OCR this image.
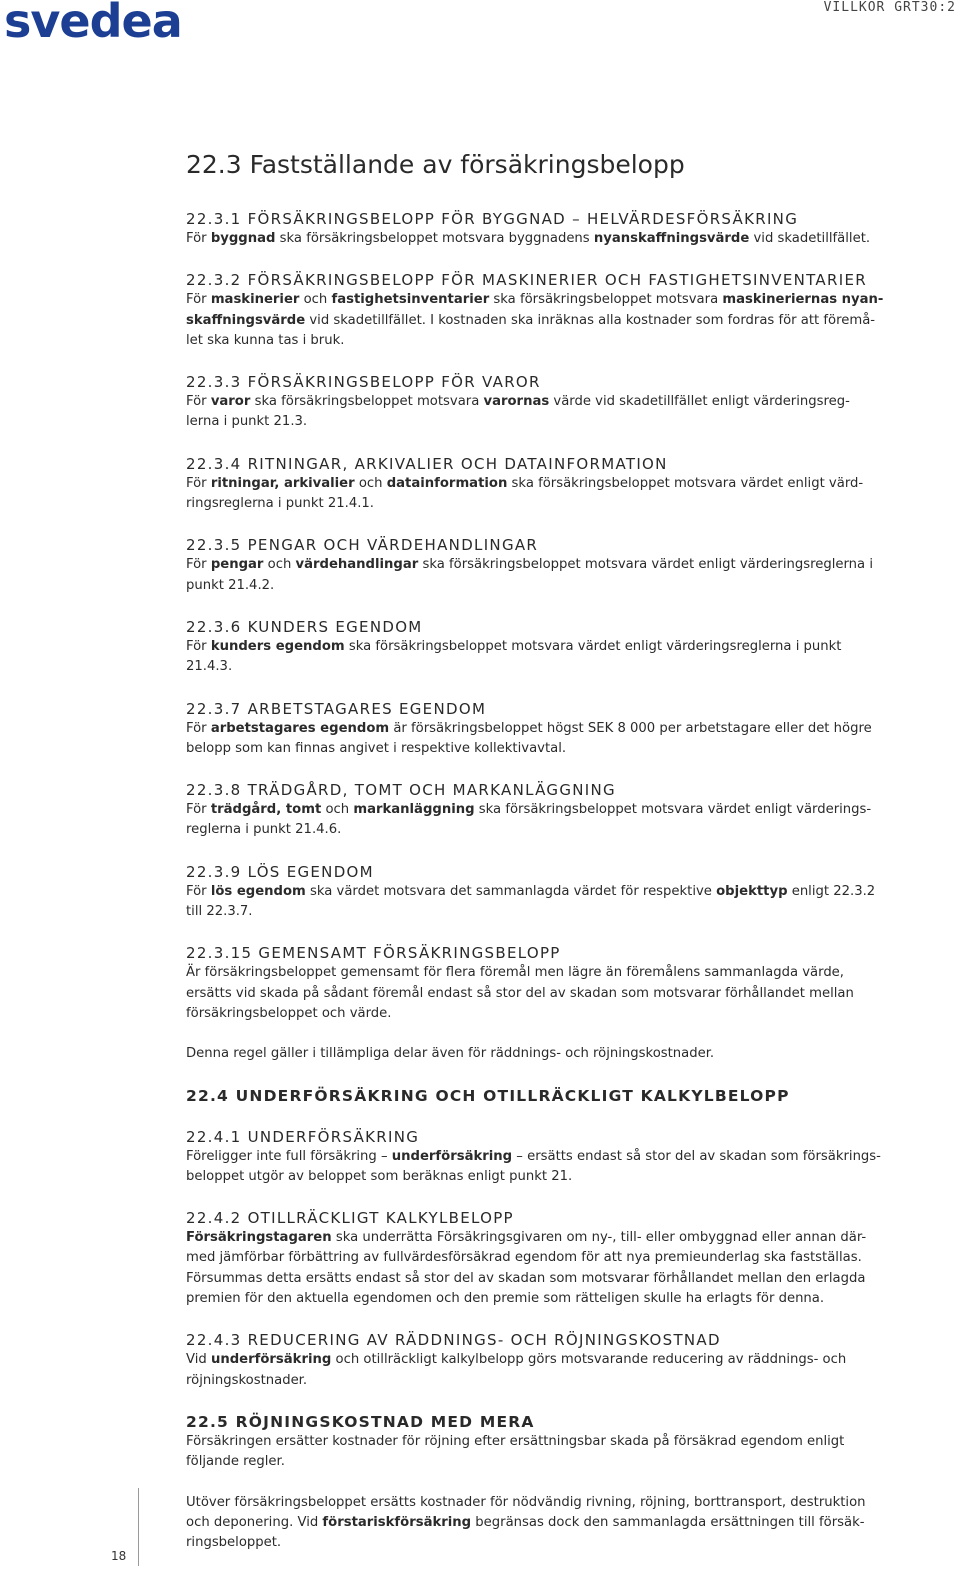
svedea	VILLKOR GRT30:2
22.3 Fastställande av försäkringsbelopp
22.3.1 FÖRSÄKRINGSBELOPP FÖR BYGGNAD – HELVÄRDESFÖRSÄKRING

För byggnad ska försäkringsbeloppet motsvara byggnadens nyanskaffningsvärde vid skadetillfället.

22.3.2 FÖRSÄKRINGSBELOPP FÖR MASKINERIER OCH FASTIGHETSINVENTARIER

För maskinerier och fastighetsinventarier ska försäkringsbeloppet motsvara maskineriernas nyan-
skaffningsvärde vid skadetillfället. I kostnaden ska inräknas alla kostnader som fordras för att föremå-
let ska kunna tas i bruk.

22.3.3 FÖRSÄKRINGSBELOPP FÖR VAROR

För varor ska försäkringsbeloppet motsvara varornas värde vid skadetillfället enligt värderingsreg-
lerna i punkt 21.3.

22.3.4 RITNINGAR, ARKIVALIER OCH DATAINFORMATION

För ritningar, arkivalier och datainformation ska försäkringsbeloppet motsvara värdet enligt värd-
ringsreglerna i punkt 21.4.1.

22.3.5 PENGAR OCH VÄRDEHANDLINGAR

För pengar och värdehandlingar ska försäkringsbeloppet motsvara värdet enligt värderingsreglerna i
punkt 21.4.2.

22.3.6 KUNDERS EGENDOM

För kunders egendom ska försäkringsbeloppet motsvara värdet enligt värderingsreglerna i punkt
21.4.3.

22.3.7 ARBETSTAGARES EGENDOM

För arbetstagares egendom är försäkringsbeloppet högst SEK 8 000 per arbetstagare eller det högre
belopp som kan finnas angivet i respektive kollektivavtal.

22.3.8 TRÄDGÅRD, TOMT OCH MARKANLÄGGNING

För trädgård, tomt och markanläggning ska försäkringsbeloppet motsvara värdet enligt värderings-
reglerna i punkt 21.4.6.

22.3.9 LÖS EGENDOM

För lös egendom ska värdet motsvara det sammanlagda värdet för respektive objekttyp enligt 22.3.2
till 22.3.7.

22.3.15 GEMENSAMT FÖRSÄKRINGSBELOPP

Är försäkringsbeloppet gemensamt för flera föremål men lägre än föremålens sammanlagda värde,
ersätts vid skada på sådant föremål endast så stor del av skadan som motsvarar förhållandet mellan
försäkringsbeloppet och värde.

Denna regel gäller i tillämpliga delar även för räddnings- och röjningskostnader.

22.4 UNDERFÖRSÄKRING OCH OTILLRÄCKLIGT KALKYLBELOPP
22.4.1 UNDERFÖRSÄKRING

Föreligger inte full försäkring – underförsäkring – ersätts endast så stor del av skadan som försäkrings-
beloppet utgör av beloppet som beräknas enligt punkt 21.

22.4.2 OTILLRÄCKLIGT KALKYLBELOPP

Försäkringstagaren ska underrätta Försäkringsgivaren om ny-, till- eller ombyggnad eller annan där-
med jämförbar förbättring av fullvärdesförsäkrad egendom för att nya premieunderlag ska fastställas.
Försummas detta ersätts endast så stor del av skadan som motsvarar förhållandet mellan den erlagda
premien för den aktuella egendomen och den premie som rätteligen skulle ha erlagts för denna.

22.4.3 REDUCERING AV RÄDDNINGS- OCH RÖJNINGSKOSTNAD

Vid underförsäkring och otillräckligt kalkylbelopp görs motsvarande reducering av räddnings- och
röjningskostnader.

22.5 RÖJNINGSKOSTNAD MED MERA

Försäkringen ersätter kostnader för röjning efter ersättningsbar skada på försäkrad egendom enligt
följande regler.

Utöver försäkringsbeloppet ersätts kostnader för nödvändig rivning, röjning, borttransport, destruktion
och deponering. Vid förstariskförsäkring begränsas dock den sammanlagda ersättningen till försäk-
ringsbeloppet.

18
